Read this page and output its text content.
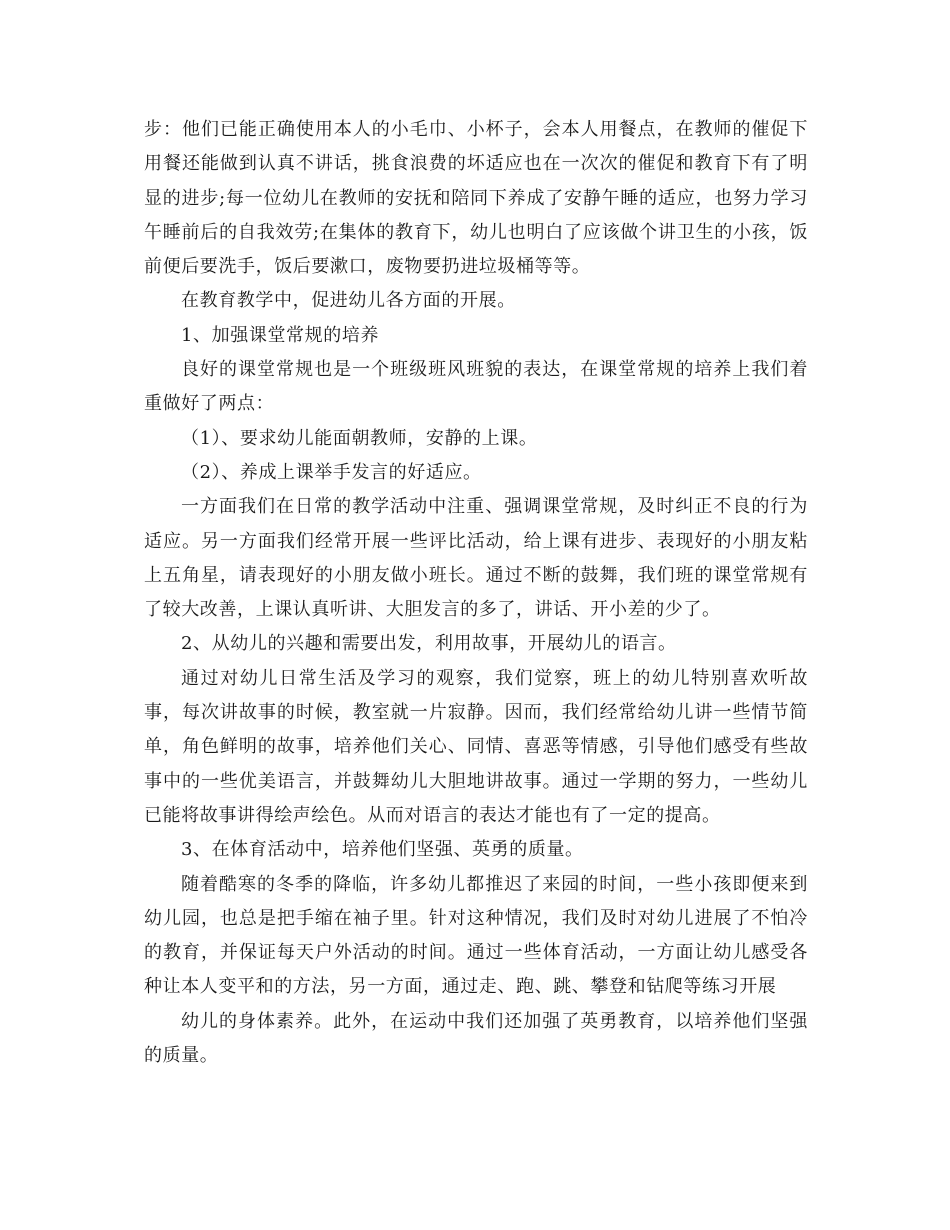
步：他们已能正确使用本人的小毛巾、小杯子，会本人用餐点，在教师的催促下用餐还能做到认真不讲话，挑食浪费的坏适应也在一次次的催促和教育下有了明显的进步;每一位幼儿在教师的安抚和陪同下养成了安静午睡的适应，也努力学习午睡前后的自我效劳;在集体的教育下，幼儿也明白了应该做个讲卫生的小孩，饭前便后要洗手，饭后要漱口，废物要扔进垃圾桶等等。

在教育教学中，促进幼儿各方面的开展。

1、加强课堂常规的培养

良好的课堂常规也是一个班级班风班貌的表达，在课堂常规的培养上我们着重做好了两点：

（1）、要求幼儿能面朝教师，安静的上课。

（2）、养成上课举手发言的好适应。

一方面我们在日常的教学活动中注重、强调课堂常规，及时纠正不良的行为适应。另一方面我们经常开展一些评比活动，给上课有进步、表现好的小朋友粘上五角星，请表现好的小朋友做小班长。通过不断的鼓舞，我们班的课堂常规有了较大改善，上课认真听讲、大胆发言的多了，讲话、开小差的少了。

2、从幼儿的兴趣和需要出发，利用故事，开展幼儿的语言。

通过对幼儿日常生活及学习的观察，我们觉察，班上的幼儿特别喜欢听故事，每次讲故事的时候，教室就一片寂静。因而，我们经常给幼儿讲一些情节简单，角色鲜明的故事，培养他们关心、同情、喜恶等情感，引导他们感受有些故事中的一些优美语言，并鼓舞幼儿大胆地讲故事。通过一学期的努力，一些幼儿已能将故事讲得绘声绘色。从而对语言的表达才能也有了一定的提高。

3、在体育活动中，培养他们坚强、英勇的质量。

随着酷寒的冬季的降临，许多幼儿都推迟了来园的时间，一些小孩即便来到幼儿园，也总是把手缩在袖子里。针对这种情况，我们及时对幼儿进展了不怕冷的教育，并保证每天户外活动的时间。通过一些体育活动，一方面让幼儿感受各种让本人变平和的方法，另一方面，通过走、跑、跳、攀登和钻爬等练习开展

幼儿的身体素养。此外，在运动中我们还加强了英勇教育，以培养他们坚强的质量。
